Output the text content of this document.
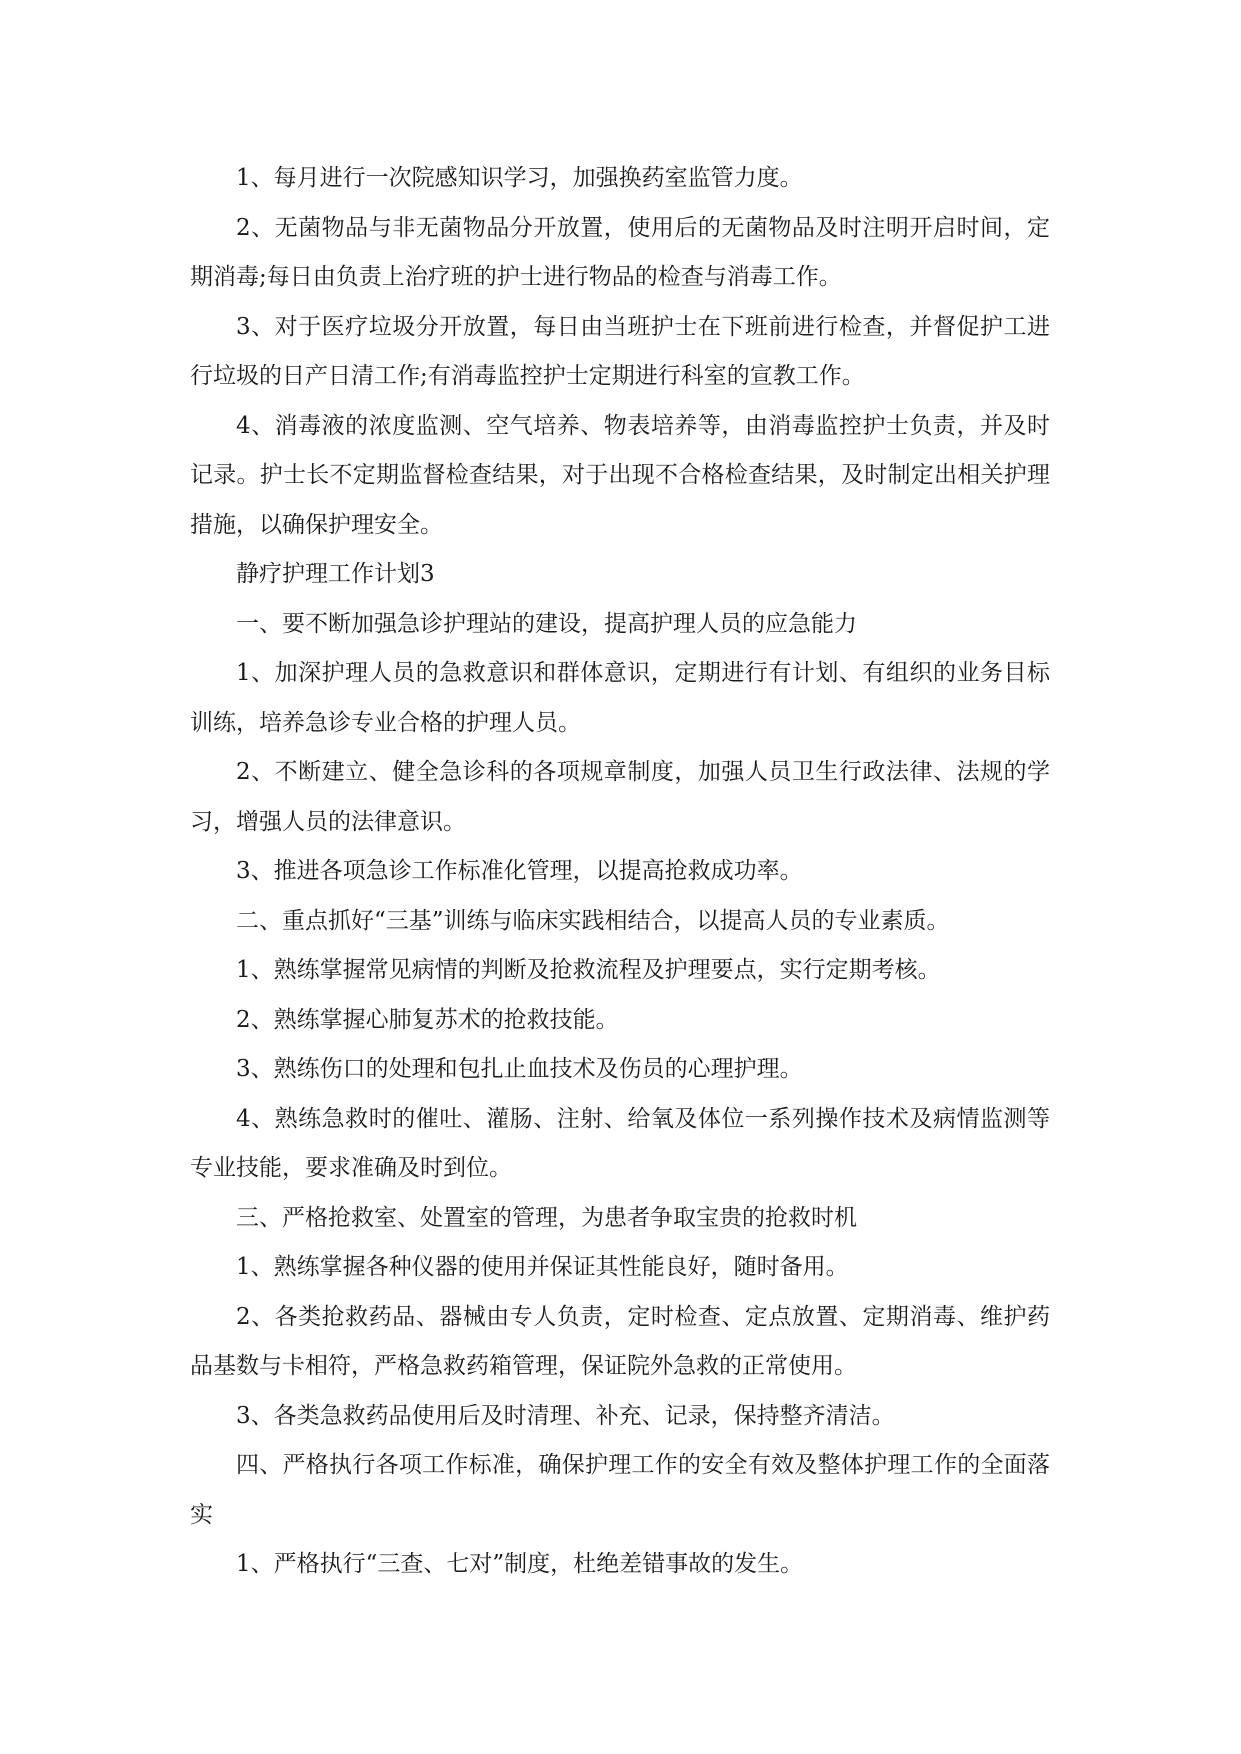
1、每月进行一次院感知识学习，加强换药室监管力度。

2、无菌物品与非无菌物品分开放置，使用后的无菌物品及时注明开启时间，定期消毒;每日由负责上治疗班的护士进行物品的检查与消毒工作。

3、对于医疗垃圾分开放置，每日由当班护士在下班前进行检查，并督促护工进行垃圾的日产日清工作;有消毒监控护士定期进行科室的宣教工作。

4、消毒液的浓度监测、空气培养、物表培养等，由消毒监控护士负责，并及时记录。护士长不定期监督检查结果，对于出现不合格检查结果，及时制定出相关护理措施，以确保护理安全。

静疗护理工作计划3

一、要不断加强急诊护理站的建设，提高护理人员的应急能力

1、加深护理人员的急救意识和群体意识，定期进行有计划、有组织的业务目标训练，培养急诊专业合格的护理人员。

2、不断建立、健全急诊科的各项规章制度，加强人员卫生行政法律、法规的学习，增强人员的法律意识。

3、推进各项急诊工作标准化管理，以提高抢救成功率。

二、重点抓好“三基”训练与临床实践相结合，以提高人员的专业素质。

1、熟练掌握常见病情的判断及抢救流程及护理要点，实行定期考核。

2、熟练掌握心肺复苏术的抢救技能。

3、熟练伤口的处理和包扎止血技术及伤员的心理护理。

4、熟练急救时的催吐、灌肠、注射、给氧及体位一系列操作技术及病情监测等专业技能，要求准确及时到位。

三、严格抢救室、处置室的管理，为患者争取宝贵的抢救时机

1、熟练掌握各种仪器的使用并保证其性能良好，随时备用。

2、各类抢救药品、器械由专人负责，定时检查、定点放置、定期消毒、维护药品基数与卡相符，严格急救药箱管理，保证院外急救的正常使用。

3、各类急救药品使用后及时清理、补充、记录，保持整齐清洁。

四、严格执行各项工作标准，确保护理工作的安全有效及整体护理工作的全面落实

1、严格执行“三查、七对”制度，杜绝差错事故的发生。
